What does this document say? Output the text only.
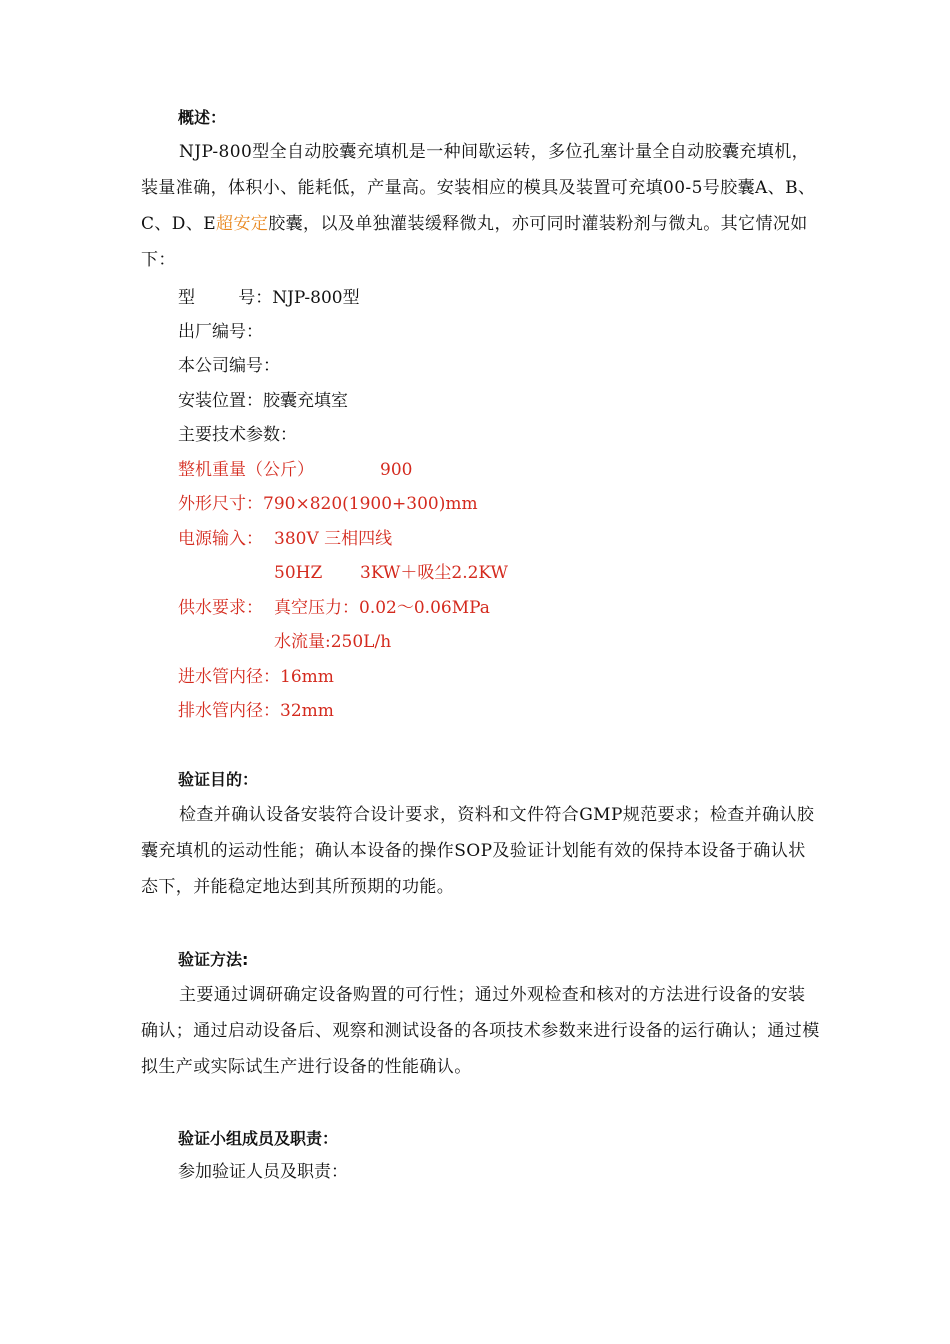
概述：
NJP-800型全自动胶囊充填机是一种间歇运转，多位孔塞计量全自动胶囊充填机，装量准确，体积小、能耗低，产量高。安装相应的模具及装置可充填00-5号胶囊A、B、C、D、E超安定胶囊，以及单独灌装缓释微丸，亦可同时灌装粉剂与微丸。其它情况如下：
型        号：NJP-800型
出厂编号：
本公司编号：
安装位置：胶囊充填室
主要技术参数：
整机重量（公斤）	900
外形尺寸：790×820(1900+300)mm
电源输入： 380V 三相四线
50HZ 3KW＋吸尘2.2KW
供水要求： 真空压力：0.02～0.06MPa
水流量:250L/h
进水管内径：16mm
排水管内径：32mm
验证目的：
检查并确认设备安装符合设计要求，资料和文件符合GMP规范要求；检查并确认胶囊充填机的运动性能；确认本设备的操作SOP及验证计划能有效的保持本设备于确认状态下，并能稳定地达到其所预期的功能。
验证方法:
主要通过调研确定设备购置的可行性；通过外观检查和核对的方法进行设备的安装确认；通过启动设备后、观察和测试设备的各项技术参数来进行设备的运行确认；通过模拟生产或实际试生产进行设备的性能确认。
验证小组成员及职责：
参加验证人员及职责：
